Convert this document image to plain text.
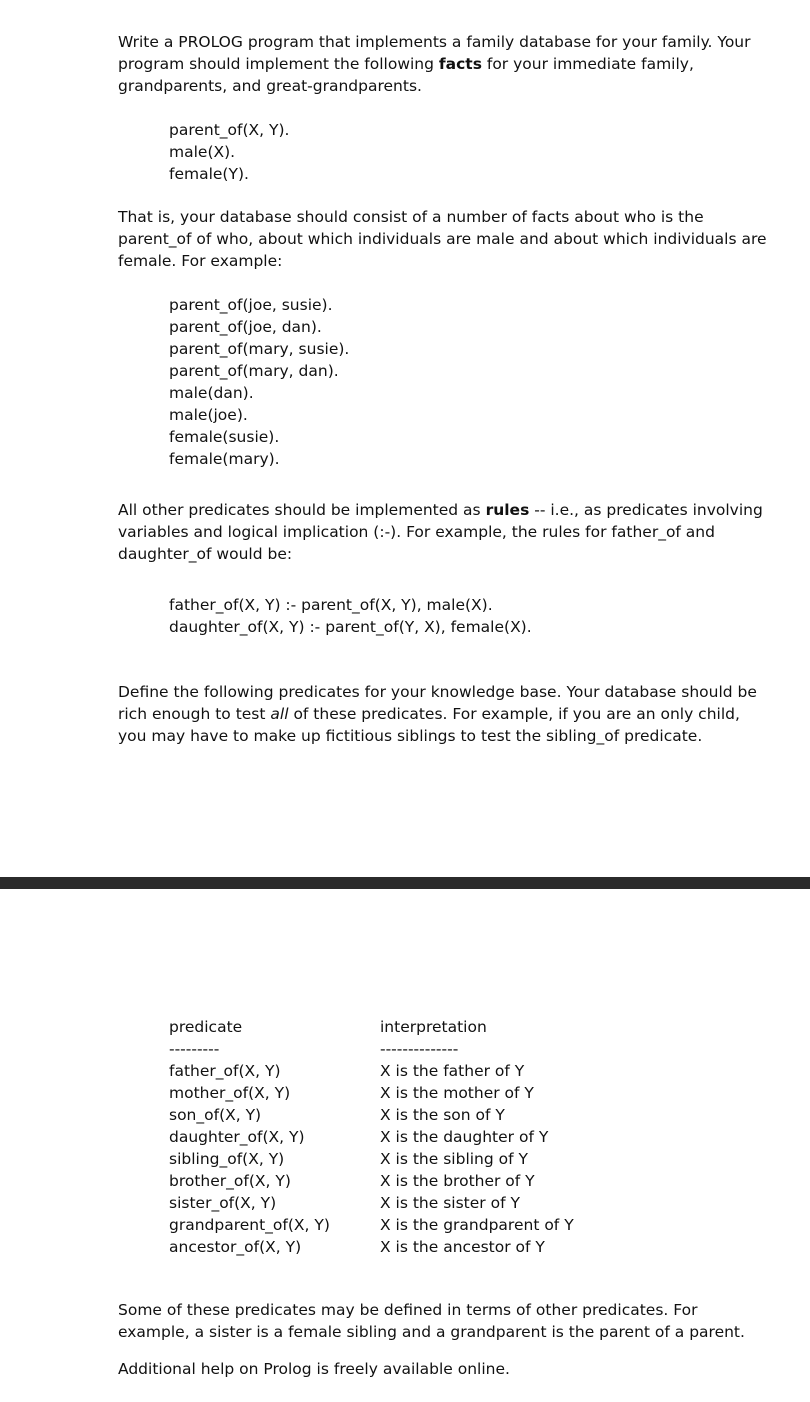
Write a PROLOG program that implements a family database for your family. Your
program should implement the following facts for your immediate family,
grandparents, and great-grandparents.
parent_of(X, Y).
male(X).
female(Y).
That is, your database should consist of a number of facts about who is the
parent_of of who, about which individuals are male and about which individuals are
female. For example:
parent_of(joe, susie).
parent_of(joe, dan).
parent_of(mary, susie).
parent_of(mary, dan).
male(dan).
male(joe).
female(susie).
female(mary).
All other predicates should be implemented as rules -- i.e., as predicates involving
variables and logical implication (:-). For example, the rules for father_of and
daughter_of would be:
father_of(X, Y) :- parent_of(X, Y), male(X).
daughter_of(X, Y) :- parent_of(Y, X), female(X).
Define the following predicates for your knowledge base. Your database should be
rich enough to test all of these predicates. For example, if you are an only child,
you may have to make up fictitious siblings to test the sibling_of predicate.
predicate
---------
father_of(X, Y)
mother_of(X, Y)
son_of(X, Y)
daughter_of(X, Y)
sibling_of(X, Y)
brother_of(X, Y)
sister_of(X, Y)
grandparent_of(X, Y)
ancestor_of(X, Y)
interpretation
--------------
X is the father of Y
X is the mother of Y
X is the son of Y
X is the daughter of Y
X is the sibling of Y
X is the brother of Y
X is the sister of Y
X is the grandparent of Y
X is the ancestor of Y
Some of these predicates may be defined in terms of other predicates. For
example, a sister is a female sibling and a grandparent is the parent of a parent.
Additional help on Prolog is freely available online.
